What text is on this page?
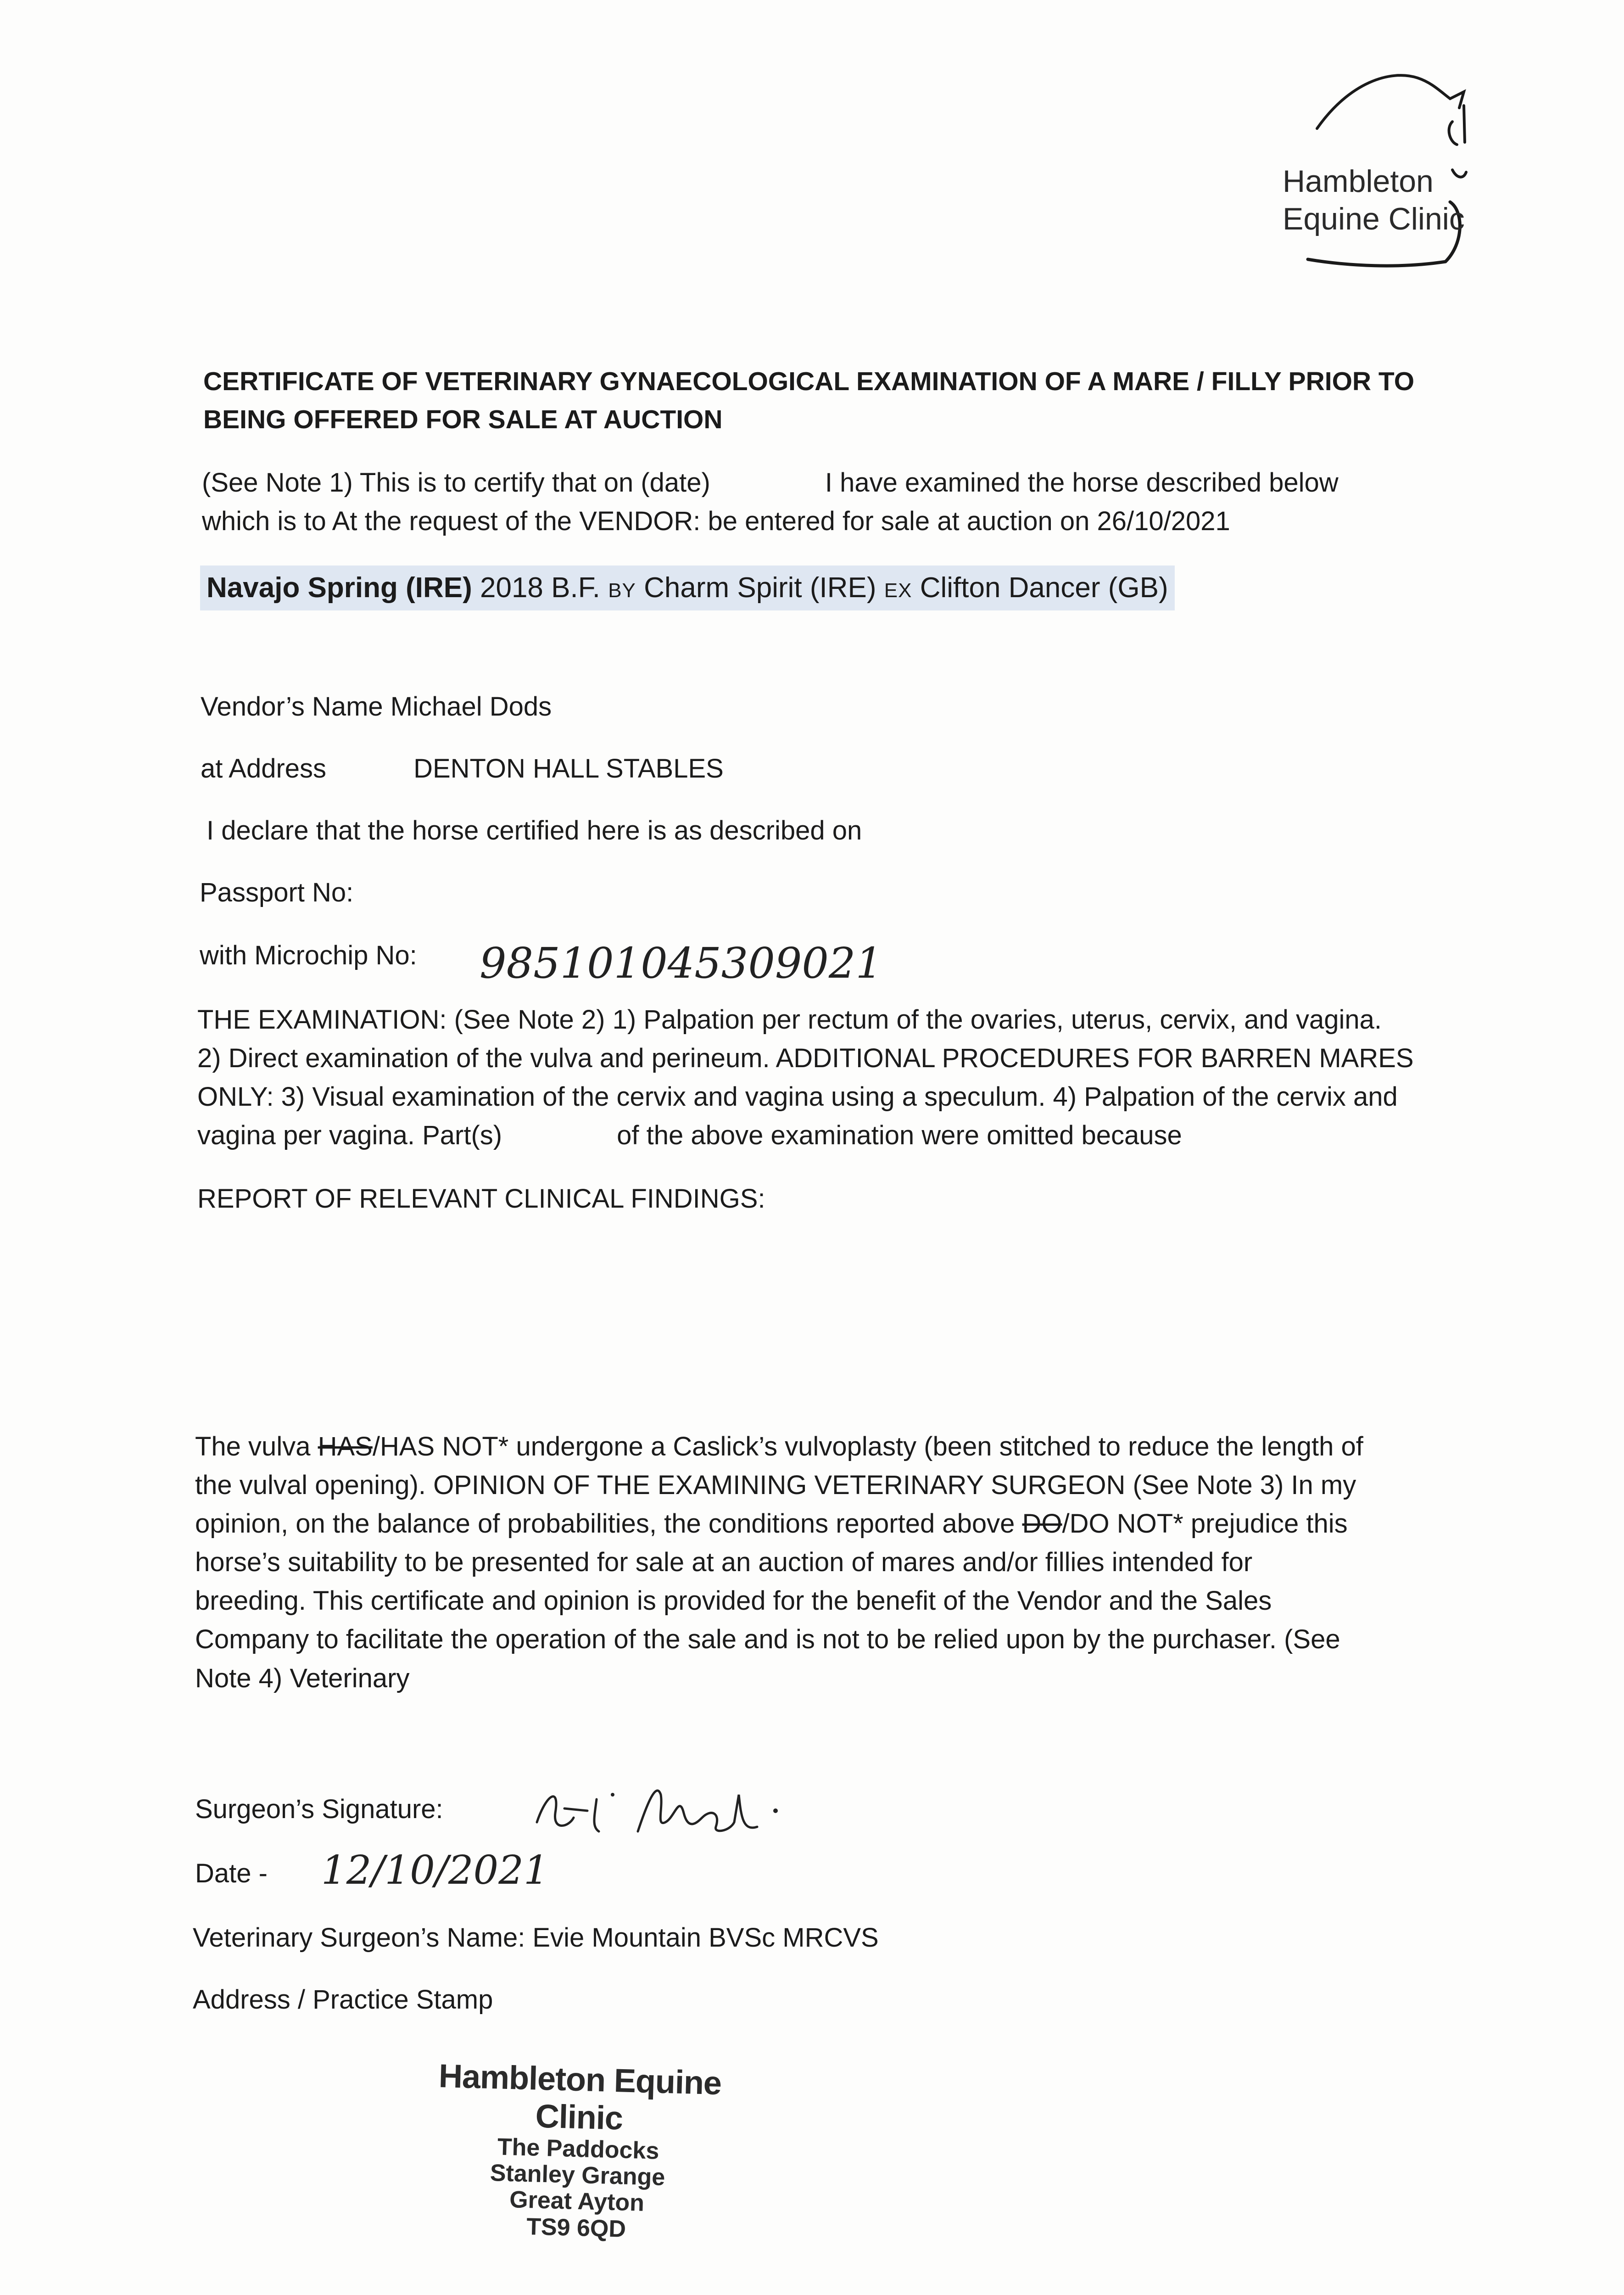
Hambleton
Equine Clinic
CERTIFICATE OF VETERINARY GYNAECOLOGICAL EXAMINATION OF A MARE / FILLY PRIOR TO
BEING OFFERED FOR SALE AT AUCTION
(See Note 1) This is to certify that on (date)	I have examined the horse described below
which is to At the request of the VENDOR: be entered for sale at auction on 26/10/2021
Navajo Spring (IRE) 2018 B.F. BY Charm Spirit (IRE) EX Clifton Dancer (GB)
Vendor’s Name Michael Dods
at Address	DENTON HALL STABLES
I declare that the horse certified here is as described on
Passport No:
with Microchip No: 985101045309021

THE EXAMINATION: (See Note 2) 1) Palpation per rectum of the ovaries, uterus, cervix, and vagina.

2) Direct examination of the vulva and perineum. ADDITIONAL PROCEDURES FOR BARREN MARES

ONLY: 3) Visual examination of the cervix and vagina using a speculum. 4) Palpation of the cervix and

vagina per vagina. Part(s)	of the above examination were omitted because

REPORT OF RELEVANT CLINICAL FINDINGS:

The vulva HAS/HAS NOT* undergone a Caslick’s vulvoplasty (been stitched to reduce the length of

the vulval opening). OPINION OF THE EXAMINING VETERINARY SURGEON (See Note 3) In my

opinion, on the balance of probabilities, the conditions reported above DO/DO NOT* prejudice this

horse’s suitability to be presented for sale at an auction of mares and/or fillies intended for

breeding. This certificate and opinion is provided for the benefit of the Vendor and the Sales

Company to facilitate the operation of the sale and is not to be relied upon by the purchaser. (See

Note 4) Veterinary

Surgeon’s Signature:
Date - 12/10/2021
Veterinary Surgeon’s Name: Evie Mountain BVSc MRCVS
Address / Practice Stamp
Hambleton Equine Clinic
The Paddocks
Stanley Grange
Great Ayton
TS9 6QD
